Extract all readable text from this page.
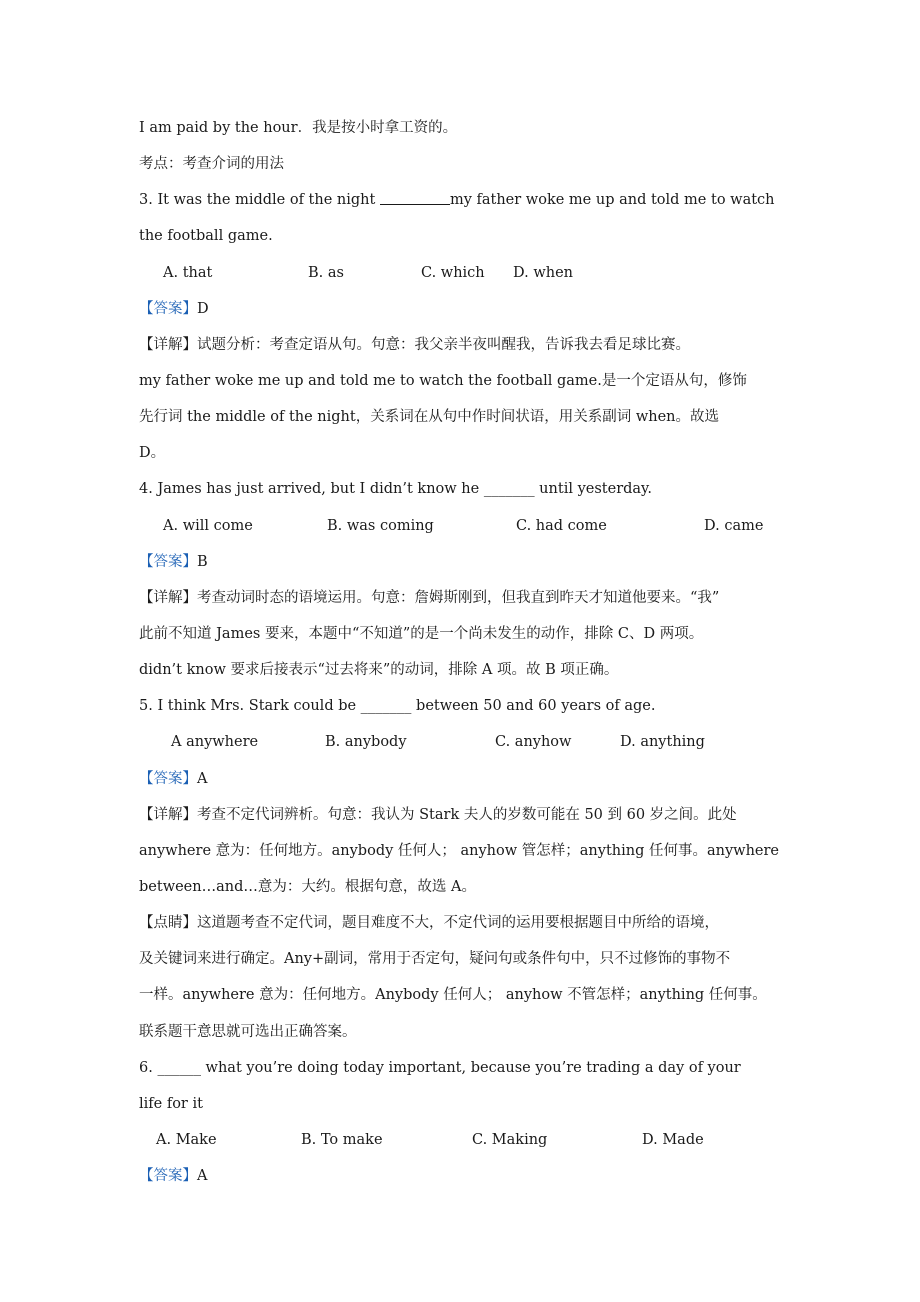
I am paid by the hour．我是按小时拿工资的。
考点：考查介词的用法
3. It was the middle of the night	my father woke me up and told me to watch
the football game.
A. that	B. as	C. which D. when
【答案】D
【详解】试题分析：考查定语从句。句意：我父亲半夜叫醒我，告诉我去看足球比赛。
my father woke me up and told me to watch the football game.是一个定语从句，修饰
先行词 the middle of the night，关系词在从句中作时间状语，用关系副词 when。故选
D。
4. James has just arrived, but I didn’t know he _______ until yesterday.
A. will come	B. was coming	C. had come	D. came
【答案】B
【详解】考查动词时态的语境运用。句意：詹姆斯刚到，但我直到昨天才知道他要来。“我”
此前不知道 James 要来，本题中“不知道”的是一个尚未发生的动作，排除 C、D 两项。
didn’t know 要求后接表示“过去将来”的动词，排除 A 项。故 B 项正确。
5. I think Mrs. Stark could be _______ between 50 and 60 years of age.
A anywhere	B. anybody	C. anyhow	D. anything
【答案】A
【详解】考查不定代词辨析。句意：我认为 Stark 夫人的岁数可能在 50 到 60 岁之间。此处
anywhere 意为：任何地方。anybody 任何人； anyhow 管怎样；anything 任何事。anywhere
between…and…意为：大约。根据句意，故选 A。
【点睛】这道题考查不定代词，题目难度不大，不定代词的运用要根据题目中所给的语境，
及关键词来进行确定。Any+副词，常用于否定句，疑问句或条件句中，只不过修饰的事物不
一样。anywhere 意为：任何地方。Anybody 任何人； anyhow 不管怎样；anything 任何事。
联系题干意思就可选出正确答案。
6. ______ what you’re doing today important, because you’re trading a day of your
life for it
A. Make	B. To make	C. Making	D. Made
【答案】A
